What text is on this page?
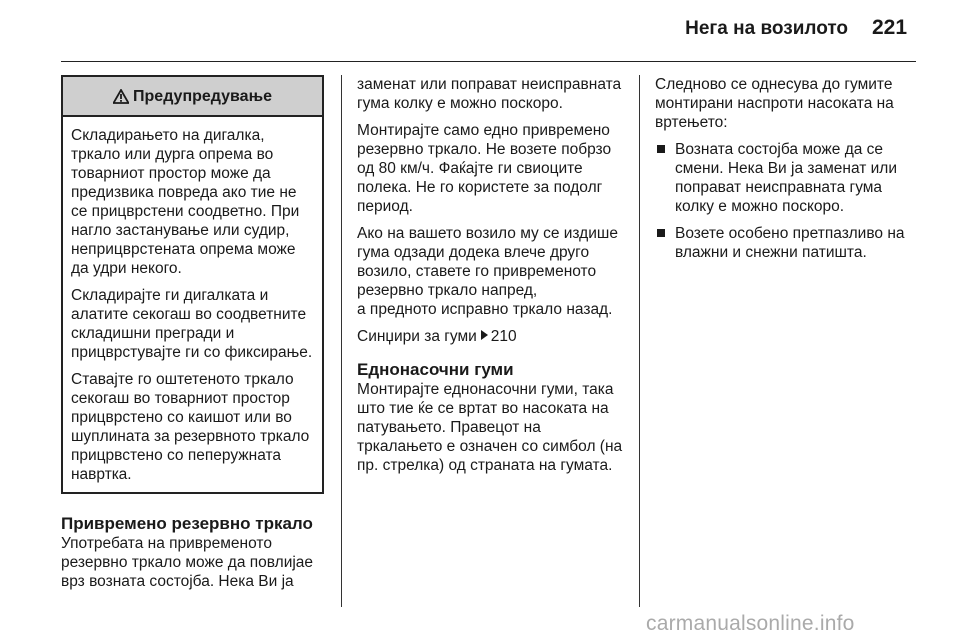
Нега на возилото 221
Предупредување

Складирањето на дигалка, тркало или дурга опрема во товарниот простор може да предизвика повреда ако тие не се прицврстени соодветно. При нагло застанување или судир, неприцврстената опрема може да удри некого.

Складирајте ги дигалката и алатите секогаш во соодветните складишни прегради и прицврстувајте ги со фиксирање.

Ставајте го оштетеното тркало секогаш во товарниот простор прицврстено со каишот или во шуплината за резервното тркало прицрвстено со пеперужната наврткa.

Привремено резервно тркало

Употребата на привременото резервно тркало може да повлијае врз возната состојба. Нека Ви ја

заменат или поправат неисправната гума колку е можно поскоро.

Монтирајте само едно привремено резервно тркало. Не возете побрзо од 80 км/ч. Фаќајте ги свиоците полека. Не го користете за подолг период.

Ако на вашето возило му се издише гума одзади додека влече друго возило, ставете го привременото резервно тркало напред,

а предното исправно тркало назад.

Синџири за гуми 210

Еднонасочни гуми

Монтирајте еднонасочни гуми, така што тие ќе се вртат во насоката на патувањето. Правецот на тркалањето е означен со симбол (на пр. стрелка) од страната на гумата.

Следново се однесува до гумите монтирани наспроти насоката на вртењето:

Возната состојба може да се смени. Нека Ви ја заменат или поправат неисправната гума колку е можно поскоро.
Возете особено претпазливо на влажни и снежни патишта.
carmanualsonline.info
